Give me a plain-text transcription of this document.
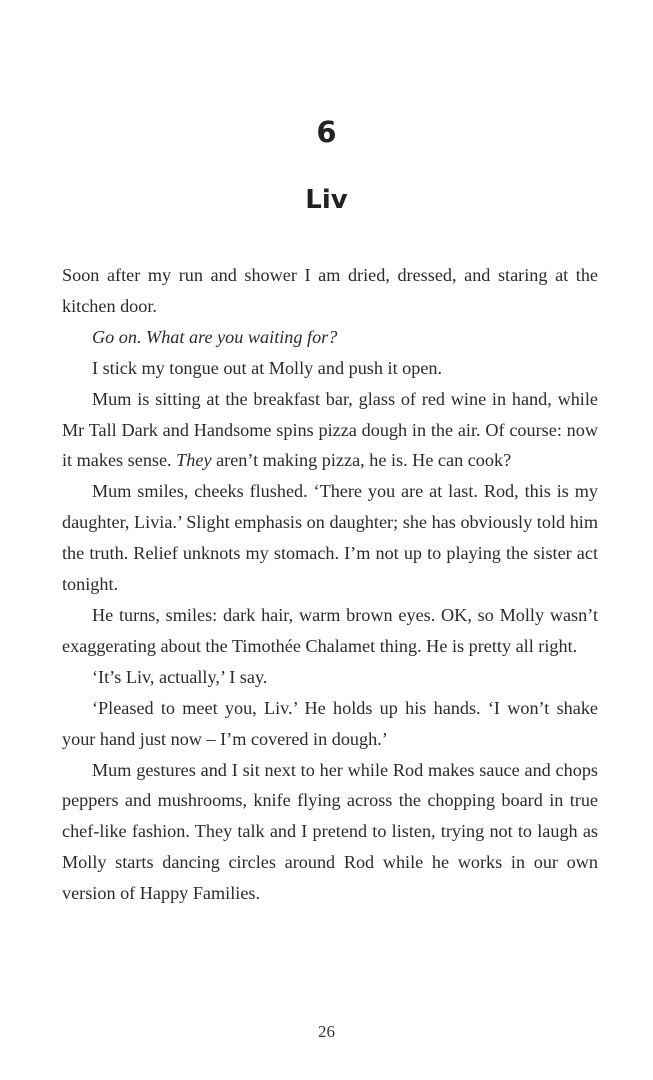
6
Liv

Soon after my run and shower I am dried, dressed, and staring at the kitchen door.

Go on. What are you waiting for?

I stick my tongue out at Molly and push it open.

Mum is sitting at the breakfast bar, glass of red wine in hand, while Mr Tall Dark and Handsome spins pizza dough in the air. Of course: now it makes sense. They aren’t making pizza, he is. He can cook?

Mum smiles, cheeks flushed. ‘There you are at last. Rod, this is my daughter, Livia.’ Slight emphasis on daughter; she has obviously told him the truth. Relief unknots my stomach. I’m not up to playing the sister act tonight.

He turns, smiles: dark hair, warm brown eyes. OK, so Molly wasn’t exaggerating about the Timothée Chalamet thing. He is pretty all right.

‘It’s Liv, actually,’ I say.

‘Pleased to meet you, Liv.’ He holds up his hands. ‘I won’t shake your hand just now – I’m covered in dough.’

Mum gestures and I sit next to her while Rod makes sauce and chops peppers and mushrooms, knife flying across the chopping board in true chef-like fashion. They talk and I pretend to listen, trying not to laugh as Molly starts dancing circles around Rod while he works in our own version of Happy Families.

26
